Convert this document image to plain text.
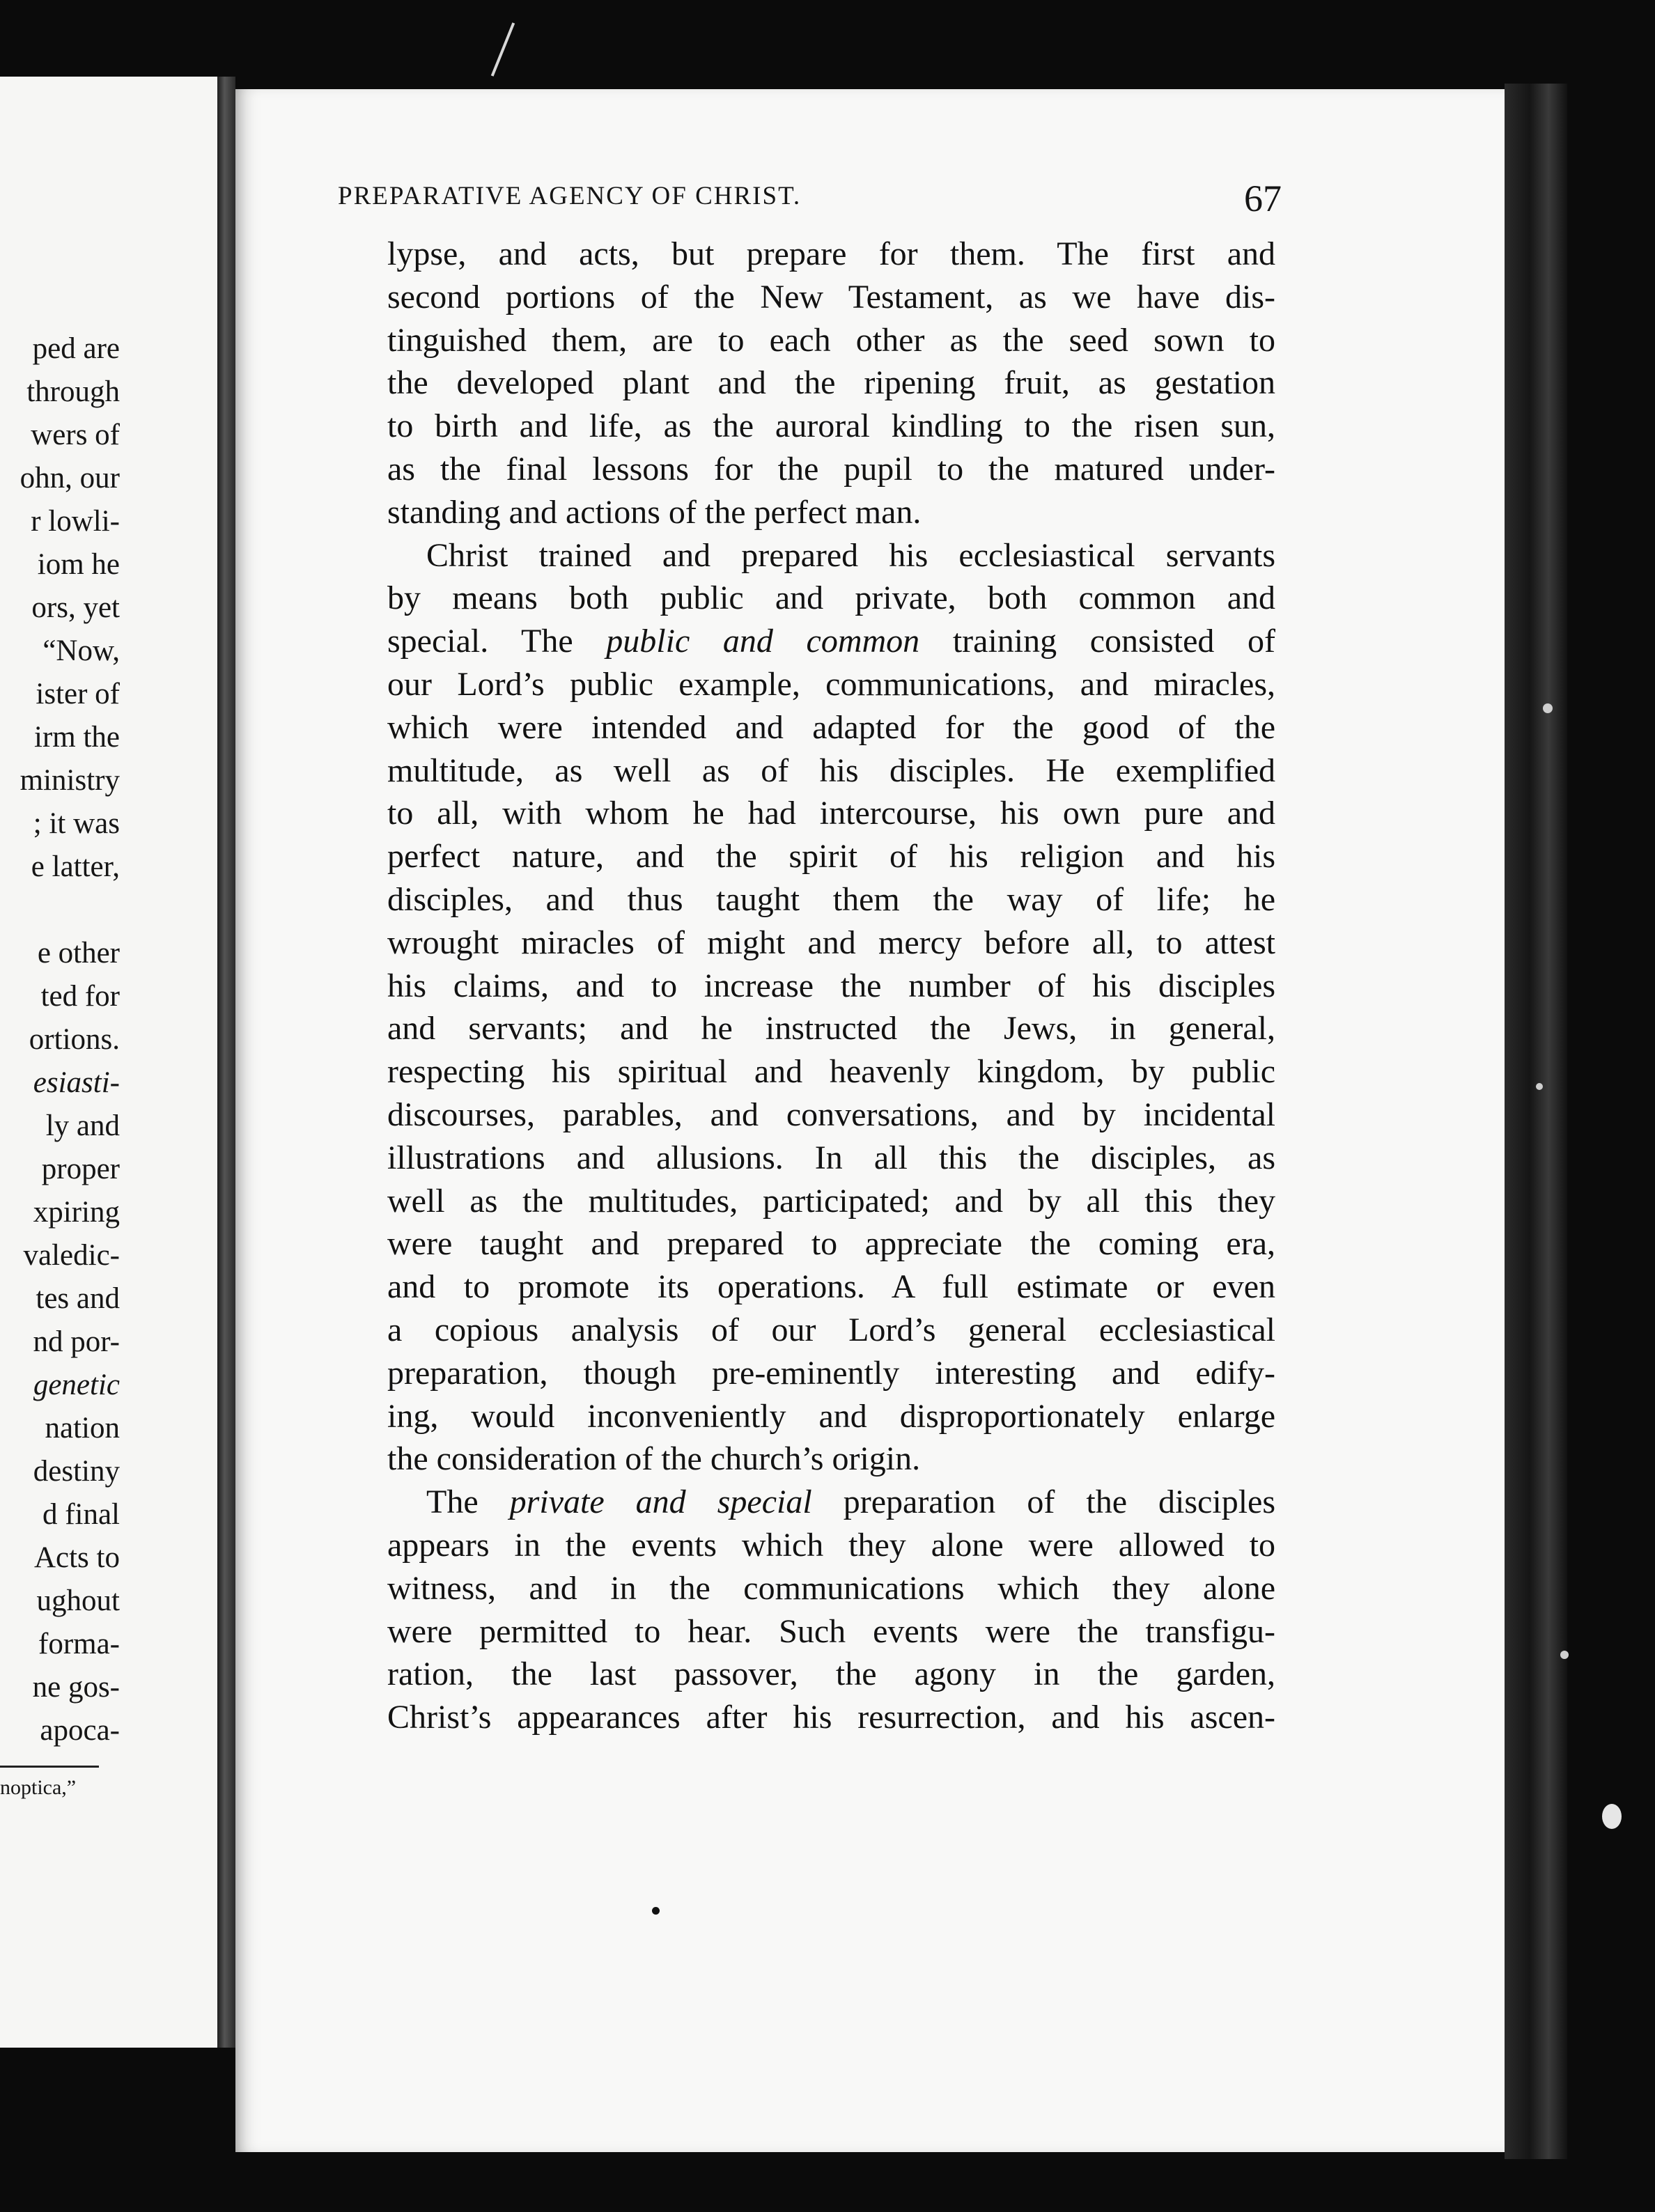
ped are
through
wers of
ohn, our
r lowli-
iom he
ors, yet
“Now,
ister of
irm the
ministry
; it was
e latter,
e other
ted for
ortions.
esiasti-
ly and
proper
xpiring
valedic-
tes and
nd por-
genetic
nation
destiny
d final
Acts to
ughout
forma-
ne gos-
apoca-
noptica,”
PREPARATIVE AGENCY OF CHRIST.	67
lypse, and acts, but prepare for them. The first and
second portions of the New Testament, as we have dis-
tinguished them, are to each other as the seed sown to
the developed plant and the ripening fruit, as gestation
to birth and life, as the auroral kindling to the risen sun,
as the final lessons for the pupil to the matured under-
standing and actions of the perfect man.
Christ trained and prepared his ecclesiastical servants
by means both public and private, both common and
special. The public and common training consisted of
our Lord’s public example, communications, and miracles,
which were intended and adapted for the good of the
multitude, as well as of his disciples. He exemplified
to all, with whom he had intercourse, his own pure and
perfect nature, and the spirit of his religion and his
disciples, and thus taught them the way of life; he
wrought miracles of might and mercy before all, to attest
his claims, and to increase the number of his disciples
and servants; and he instructed the Jews, in general,
respecting his spiritual and heavenly kingdom, by public
discourses, parables, and conversations, and by incidental
illustrations and allusions. In all this the disciples, as
well as the multitudes, participated; and by all this they
were taught and prepared to appreciate the coming era,
and to promote its operations. A full estimate or even
a copious analysis of our Lord’s general ecclesiastical
preparation, though pre-eminently interesting and edify-
ing, would inconveniently and disproportionately enlarge
the consideration of the church’s origin.
The private and special preparation of the disciples
appears in the events which they alone were allowed to
witness, and in the communications which they alone
were permitted to hear. Such events were the transfigu-
ration, the last passover, the agony in the garden,
Christ’s appearances after his resurrection, and his ascen-
